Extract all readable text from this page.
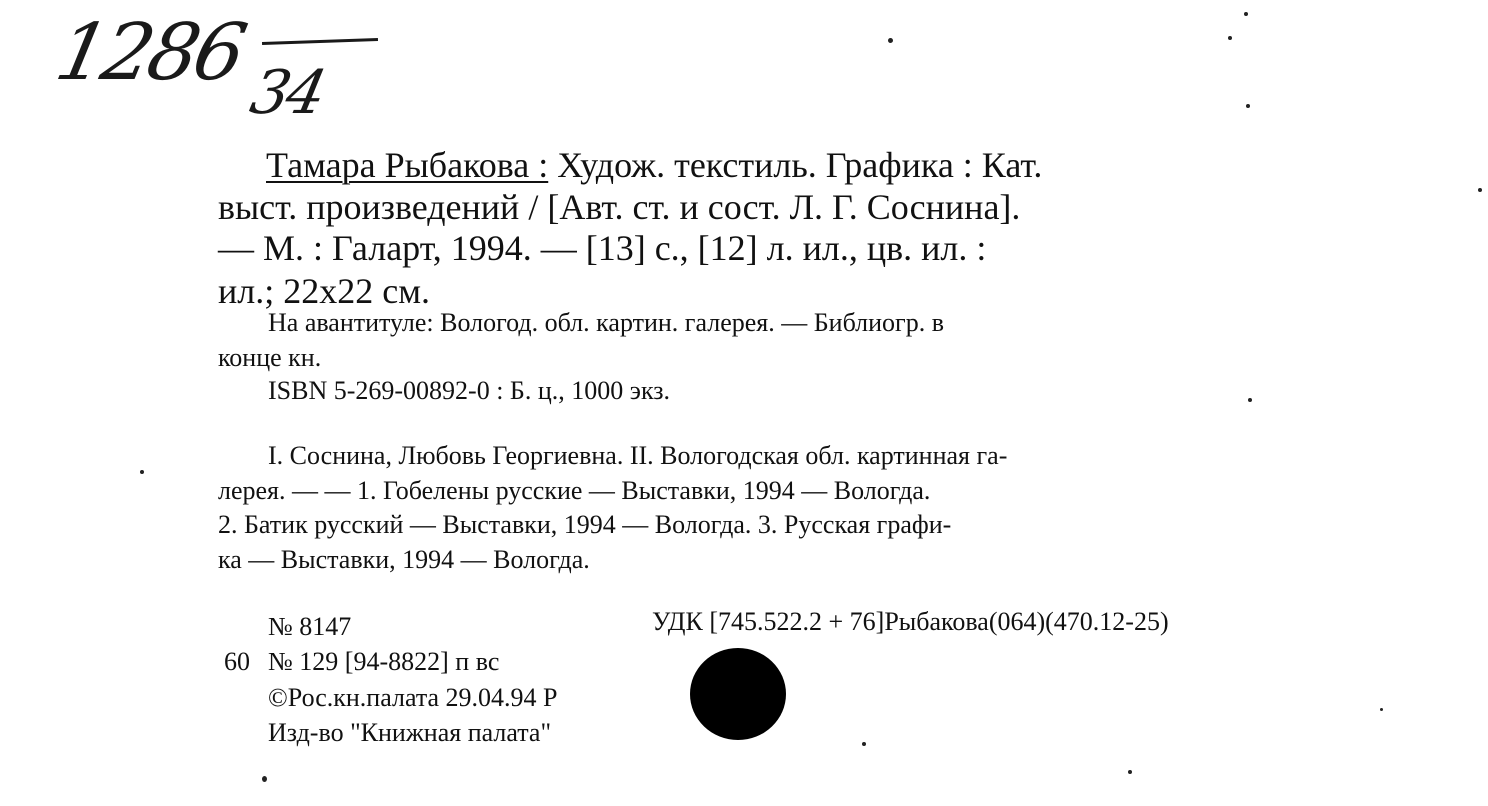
1286
34
Тамара Рыбакова : Худож. текстиль. Графика : Кат.
выст. произведений / [Авт. ст. и сост. Л. Г. Соснина].
— М. : Галарт, 1994. — [13] с., [12] л. ил., цв. ил. :
ил.; 22х22 см.
На авантитуле: Вологод. обл. картин. галерея. — Библиогр. в
конце кн.
ISBN 5-269-00892-0 : Б. ц., 1000 экз.
I. Соснина, Любовь Георгиевна. II. Вологодская обл. картинная га-
лерея. — — 1. Гобелены русские — Выставки, 1994 — Вологда.
2. Батик русский — Выставки, 1994 — Вологда. 3. Русская графи-
ка — Выставки, 1994 — Вологда.
№ 8147	УДК [745.522.2 + 76]Рыбакова(064)(470.12-25)
60 № 129 [94-8822] п вс
©Рос.кн.палата 29.04.94 Р
Изд-во "Книжная палата"
